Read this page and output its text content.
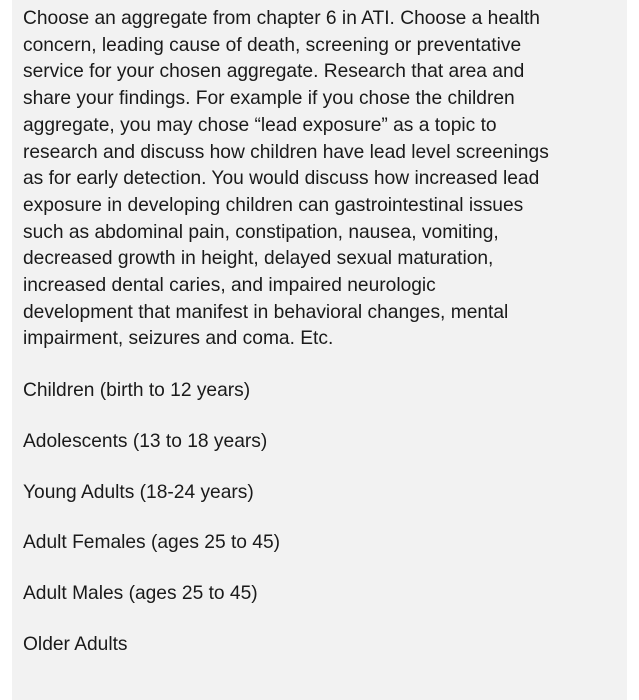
Choose an aggregate from chapter 6 in ATI. Choose a health
concern, leading cause of death, screening or preventative
service for your chosen aggregate. Research that area and
share your findings. For example if you chose the children
aggregate, you may chose “lead exposure” as a topic to
research and discuss how children have lead level screenings
as for early detection. You would discuss how increased lead
exposure in developing children can gastrointestinal issues
such as abdominal pain, constipation, nausea, vomiting,
decreased growth in height, delayed sexual maturation,
increased dental caries, and impaired neurologic
development that manifest in behavioral changes, mental
impairment, seizures and coma. Etc.

Children (birth to 12 years)
Adolescents (13 to 18 years)
Young Adults (18-24 years)
Adult Females (ages 25 to 45)
Adult Males (ages 25 to 45)
Older Adults
